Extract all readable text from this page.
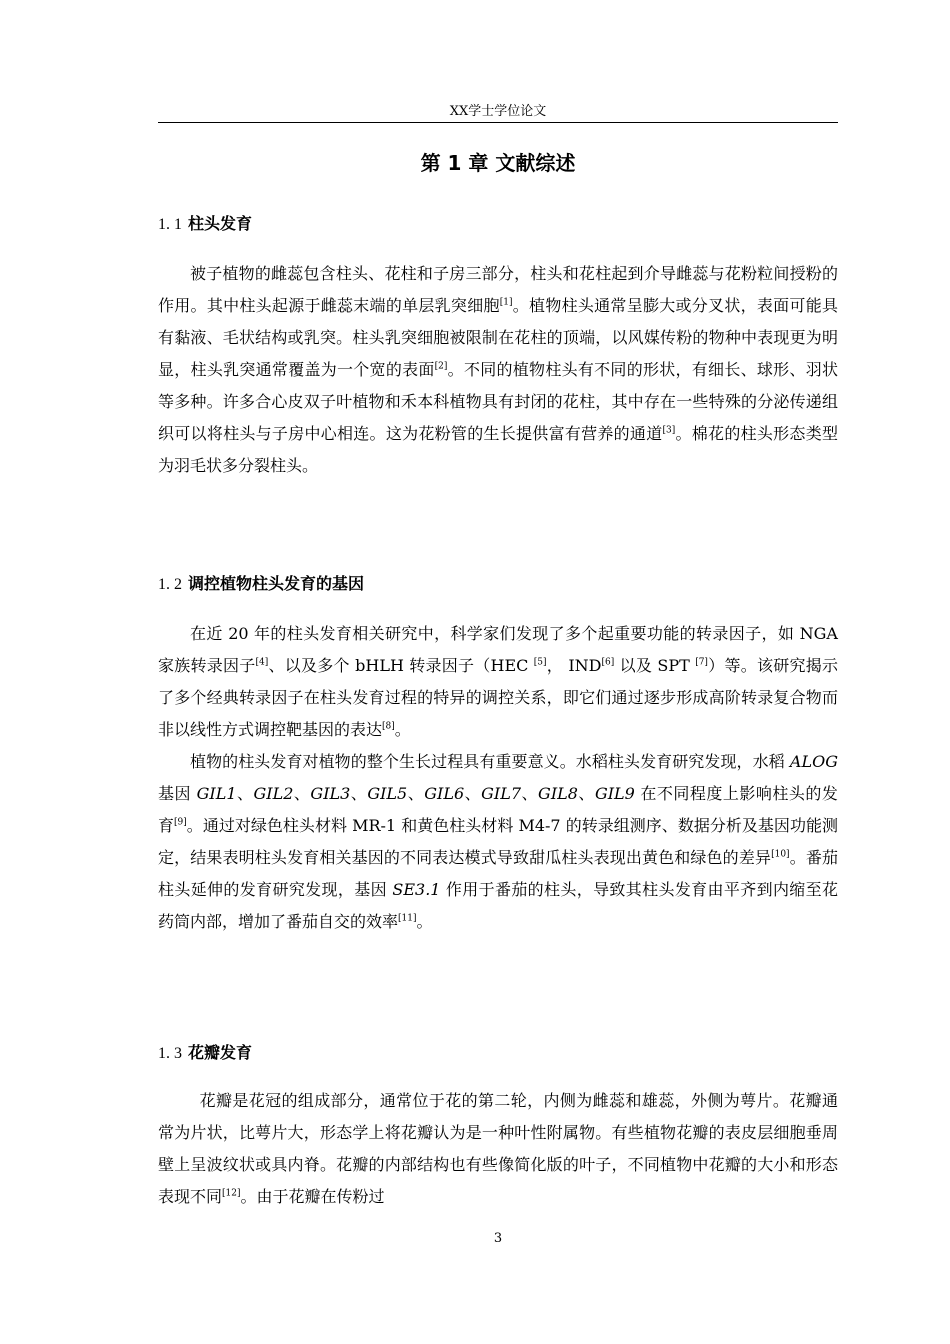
XX学士学位论文
第 1 章 文献综述
1. 1 柱头发育

被子植物的雌蕊包含柱头、花柱和子房三部分，柱头和花柱起到介导雌蕊与花粉粒间授粉的作用。其中柱头起源于雌蕊末端的单层乳突细胞[1]。植物柱头通常呈膨大或分叉状，表面可能具有黏液、毛状结构或乳突。柱头乳突细胞被限制在花柱的顶端，以风媒传粉的物种中表现更为明显，柱头乳突通常覆盖为一个宽的表面[2]。不同的植物柱头有不同的形状，有细长、球形、羽状等多种。许多合心皮双子叶植物和禾本科植物具有封闭的花柱，其中存在一些特殊的分泌传递组织可以将柱头与子房中心相连。这为花粉管的生长提供富有营养的通道[3]。棉花的柱头形态类型为羽毛状多分裂柱头。

1. 2 调控植物柱头发育的基因

在近 20 年的柱头发育相关研究中，科学家们发现了多个起重要功能的转录因子，如 NGA 家族转录因子[4]、以及多个 bHLH 转录因子（HEC [5]， IND[6] 以及 SPT [7]）等。该研究揭示了多个经典转录因子在柱头发育过程的特异的调控关系，即它们通过逐步形成高阶转录复合物而非以线性方式调控靶基因的表达[8]。

植物的柱头发育对植物的整个生长过程具有重要意义。水稻柱头发育研究发现，水稻 ALOG 基因 GIL1、GIL2、GIL3、GIL5、GIL6、GIL7、GIL8、GIL9 在不同程度上影响柱头的发育[9]。通过对绿色柱头材料 MR-1 和黄色柱头材料 M4-7 的转录组测序、数据分析及基因功能测定，结果表明柱头发育相关基因的不同表达模式导致甜瓜柱头表现出黄色和绿色的差异[10]。番茄柱头延伸的发育研究发现，基因 SE3.1 作用于番茄的柱头，导致其柱头发育由平齐到内缩至花药筒内部，增加了番茄自交的效率[11]。

1. 3 花瓣发育

花瓣是花冠的组成部分，通常位于花的第二轮，内侧为雌蕊和雄蕊，外侧为萼片。花瓣通常为片状，比萼片大，形态学上将花瓣认为是一种叶性附属物。有些植物花瓣的表皮层细胞垂周壁上呈波纹状或具内脊。花瓣的内部结构也有些像简化版的叶子，不同植物中花瓣的大小和形态表现不同[12]。由于花瓣在传粉过

3
